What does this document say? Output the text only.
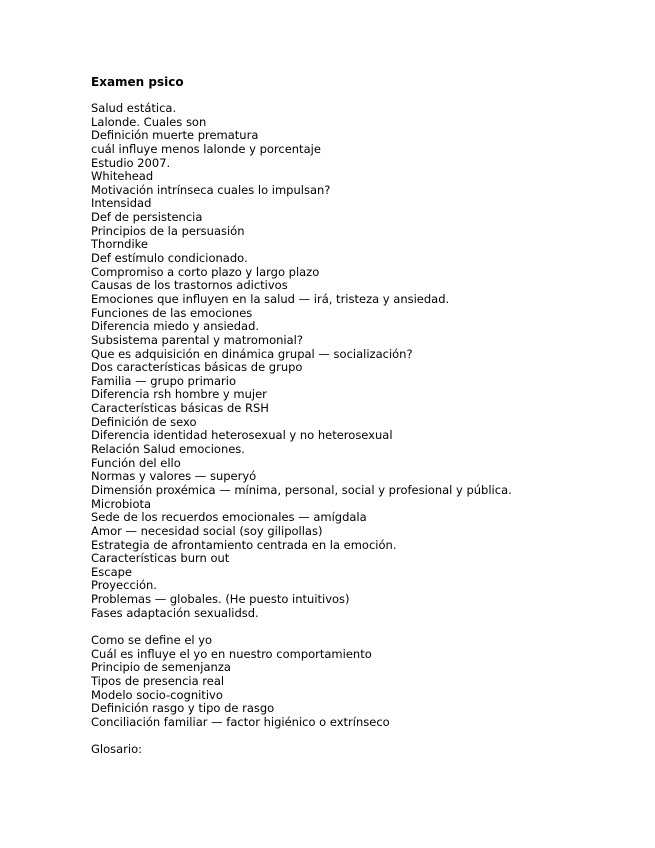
Examen psico
Salud estática.
Lalonde. Cuales son
Definición muerte prematura
cuál influye menos lalonde y porcentaje
Estudio 2007.
Whitehead
Motivación intrínseca cuales lo impulsan?
Intensidad
Def de persistencia
Principios de la persuasión
Thorndike
Def estímulo condicionado.
Compromiso a corto plazo y largo plazo
Causas de los trastornos adictivos
Emociones que influyen en la salud — irá, tristeza y ansiedad.
Funciones de las emociones
Diferencia miedo y ansiedad.
Subsistema parental y matromonial?
Que es adquisición en dinámica grupal — socialización?
Dos características básicas de grupo
Familia — grupo primario
Diferencia rsh hombre y mujer
Características básicas de RSH
Definición de sexo
Diferencia identidad heterosexual y no heterosexual
Relación Salud emociones.
Función del ello
Normas y valores — superyó
Dimensión proxémica — mínima, personal, social y profesional y pública.
Microbiota
Sede de los recuerdos emocionales — amígdala
Amor — necesidad social (soy gilipollas)
Estrategia de afrontamiento centrada en la emoción.
Características burn out
Escape
Proyección.
Problemas — globales. (He puesto intuitivos)
Fases adaptación sexualidsd.
Como se define el yo
Cuál es influye el yo en nuestro comportamiento
Principio de semenjanza
Tipos de presencia real
Modelo socio-cognitivo
Definición rasgo y tipo de rasgo
Conciliación familiar — factor higiénico o extrínseco
Glosario:
